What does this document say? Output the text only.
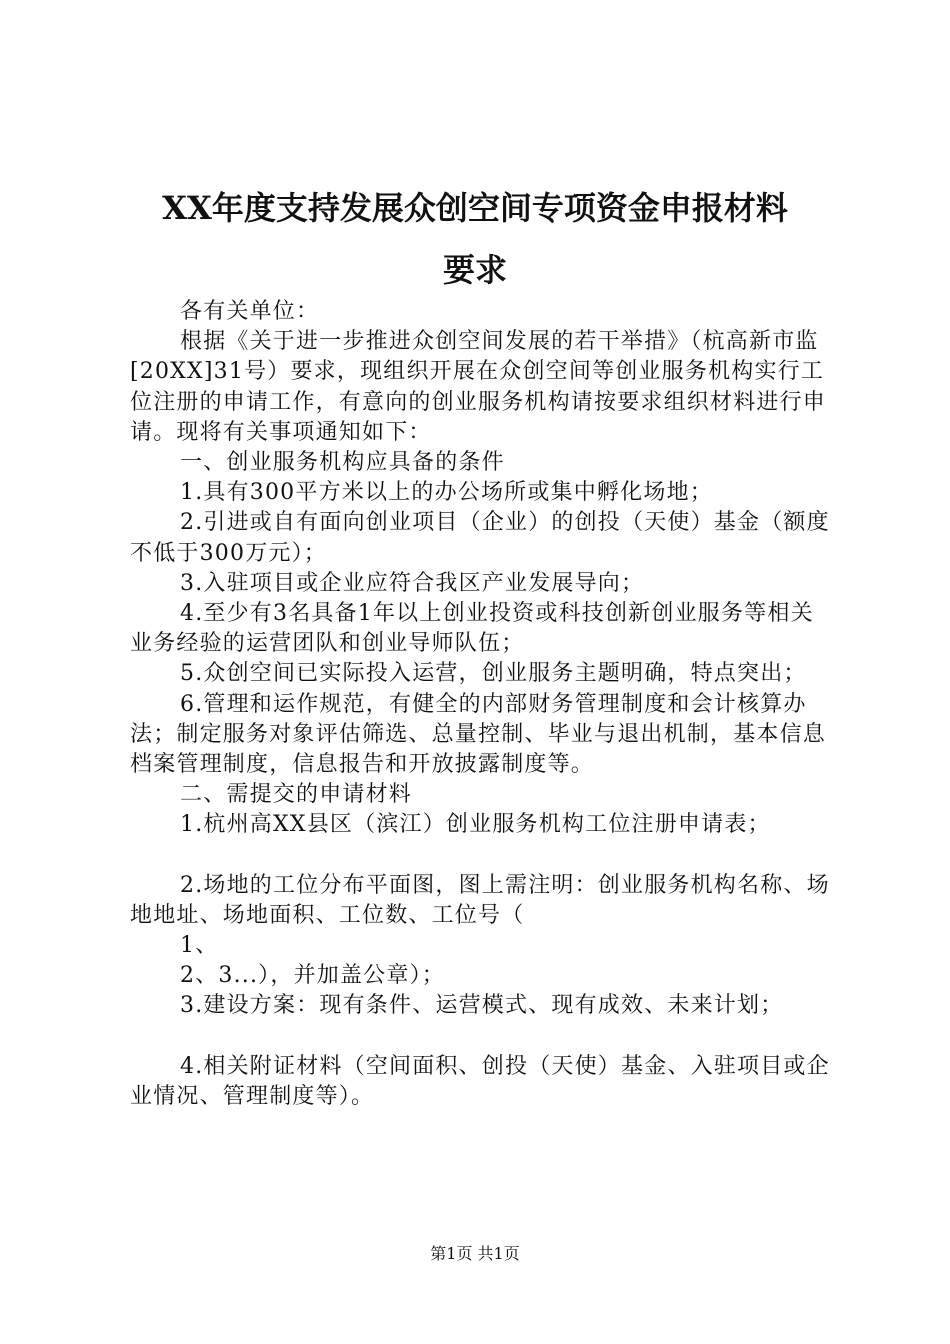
XX年度支持发展众创空间专项资金申报材料
要求

各有关单位：

根据《关于进一步推进众创空间发展的若干举措》（杭高新市监[20XX]31号）要求，现组织开展在众创空间等创业服务机构实行工位注册的申请工作，有意向的创业服务机构请按要求组织材料进行申请。现将有关事项通知如下：

一、创业服务机构应具备的条件

1.具有300平方米以上的办公场所或集中孵化场地；

2.引进或自有面向创业项目（企业）的创投（天使）基金（额度不低于300万元）；

3.入驻项目或企业应符合我区产业发展导向；

4.至少有3名具备1年以上创业投资或科技创新创业服务等相关业务经验的运营团队和创业导师队伍；

5.众创空间已实际投入运营，创业服务主题明确，特点突出；

6.管理和运作规范，有健全的内部财务管理制度和会计核算办法；制定服务对象评估筛选、总量控制、毕业与退出机制，基本信息档案管理制度，信息报告和开放披露制度等。

二、需提交的申请材料

1.杭州高XX县区（滨江）创业服务机构工位注册申请表；

2.场地的工位分布平面图，图上需注明：创业服务机构名称、场地地址、场地面积、工位数、工位号（

1、

2、3...），并加盖公章）；

3.建设方案：现有条件、运营模式、现有成效、未来计划；

4.相关附证材料（空间面积、创投（天使）基金、入驻项目或企业情况、管理制度等）。

第1页 共1页
